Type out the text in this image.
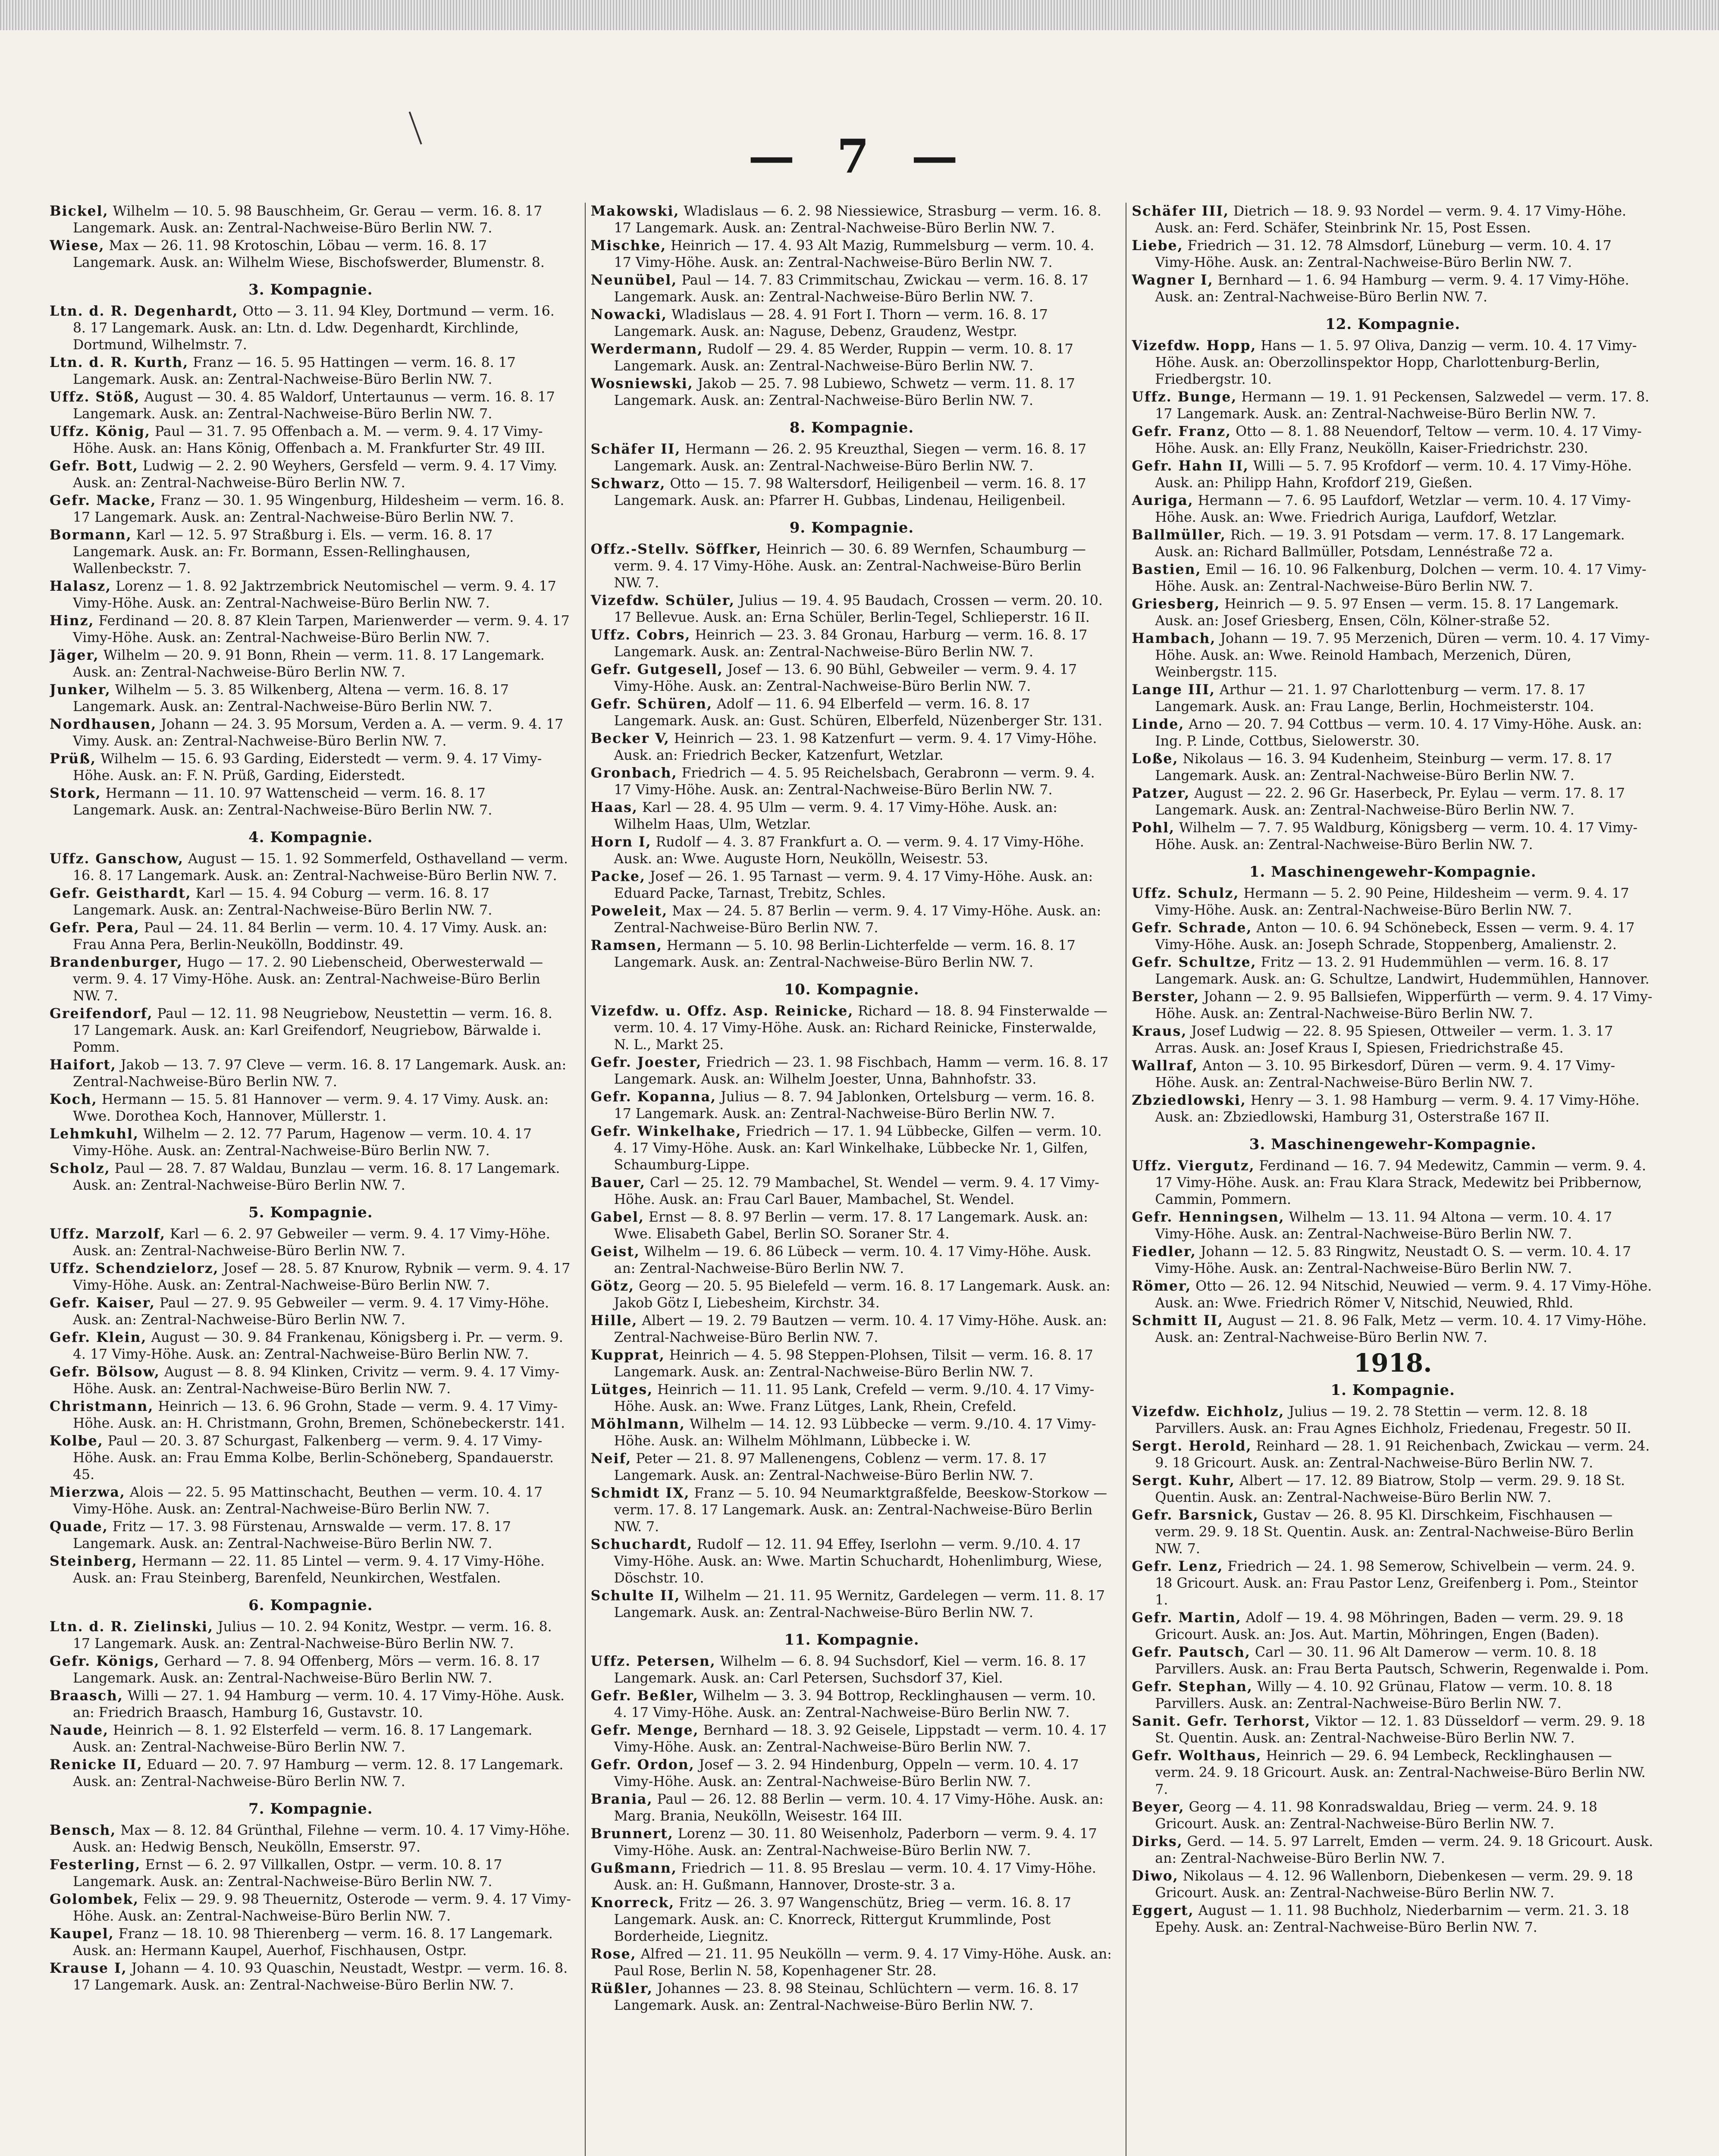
— 7 —
Bickel, Wilhelm — 10. 5. 98 Bauschheim, Gr. Gerau — verm. 16. 8. 17 Langemark. Ausk. an: Zentral-Nachweise-Büro Berlin NW. 7.
Wiese, Max — 26. 11. 98 Krotoschin, Löbau — verm. 16. 8. 17 Langemark. Ausk. an: Wilhelm Wiese, Bischofswerder, Blumenstr. 8.
3. Kompagnie.
Ltn. d. R. Degenhardt, Otto — 3. 11. 94 Kley, Dortmund — verm. 16. 8. 17 Langemark. Ausk. an: Ltn. d. Ldw. Degenhardt, Kirchlinde, Dortmund, Wilhelmstr. 7.
Ltn. d. R. Kurth, Franz — 16. 5. 95 Hattingen — verm. 16. 8. 17 Langemark. Ausk. an: Zentral-Nachweise-Büro Berlin NW. 7.
Uffz. Stöß, August — 30. 4. 85 Waldorf, Untertaunus — verm. 16. 8. 17 Langemark. Ausk. an: Zentral-Nachweise-Büro Berlin NW. 7.
Uffz. König, Paul — 31. 7. 95 Offenbach a. M. — verm. 9. 4. 17 Vimy-Höhe. Ausk. an: Hans König, Offenbach a. M. Frankfurter Str. 49 III.
Gefr. Bott, Ludwig — 2. 2. 90 Weyhers, Gersfeld — verm. 9. 4. 17 Vimy. Ausk. an: Zentral-Nachweise-Büro Berlin NW. 7.
Gefr. Macke, Franz — 30. 1. 95 Wingenburg, Hildesheim — verm. 16. 8. 17 Langemark. Ausk. an: Zentral-Nachweise-Büro Berlin NW. 7.
Bormann, Karl — 12. 5. 97 Straßburg i. Els. — verm. 16. 8. 17 Langemark. Ausk. an: Fr. Bormann, Essen-Rellinghausen, Wallenbeckstr. 7.
Halasz, Lorenz — 1. 8. 92 Jaktrzembrick Neutomischel — verm. 9. 4. 17 Vimy-Höhe. Ausk. an: Zentral-Nachweise-Büro Berlin NW. 7.
Hinz, Ferdinand — 20. 8. 87 Klein Tarpen, Marienwerder — verm. 9. 4. 17 Vimy-Höhe. Ausk. an: Zentral-Nachweise-Büro Berlin NW. 7.
Jäger, Wilhelm — 20. 9. 91 Bonn, Rhein — verm. 11. 8. 17 Langemark. Ausk. an: Zentral-Nachweise-Büro Berlin NW. 7.
Junker, Wilhelm — 5. 3. 85 Wilkenberg, Altena — verm. 16. 8. 17 Langemark. Ausk. an: Zentral-Nachweise-Büro Berlin NW. 7.
Nordhausen, Johann — 24. 3. 95 Morsum, Verden a. A. — verm. 9. 4. 17 Vimy. Ausk. an: Zentral-Nachweise-Büro Berlin NW. 7.
Prüß, Wilhelm — 15. 6. 93 Garding, Eiderstedt — verm. 9. 4. 17 Vimy-Höhe. Ausk. an: F. N. Prüß, Garding, Eiderstedt.
Stork, Hermann — 11. 10. 97 Wattenscheid — verm. 16. 8. 17 Langemark. Ausk. an: Zentral-Nachweise-Büro Berlin NW. 7.
4. Kompagnie.
Uffz. Ganschow, August — 15. 1. 92 Sommerfeld, Osthavelland — verm. 16. 8. 17 Langemark. Ausk. an: Zentral-Nachweise-Büro Berlin NW. 7.
Gefr. Geisthardt, Karl — 15. 4. 94 Coburg — verm. 16. 8. 17 Langemark. Ausk. an: Zentral-Nachweise-Büro Berlin NW. 7.
Gefr. Pera, Paul — 24. 11. 84 Berlin — verm. 10. 4. 17 Vimy. Ausk. an: Frau Anna Pera, Berlin-Neukölln, Boddinstr. 49.
Brandenburger, Hugo — 17. 2. 90 Liebenscheid, Oberwesterwald — verm. 9. 4. 17 Vimy-Höhe. Ausk. an: Zentral-Nachweise-Büro Berlin NW. 7.
Greifendorf, Paul — 12. 11. 98 Neugriebow, Neustettin — verm. 16. 8. 17 Langemark. Ausk. an: Karl Greifendorf, Neugriebow, Bärwalde i. Pomm.
Haifort, Jakob — 13. 7. 97 Cleve — verm. 16. 8. 17 Langemark. Ausk. an: Zentral-Nachweise-Büro Berlin NW. 7.
Koch, Hermann — 15. 5. 81 Hannover — verm. 9. 4. 17 Vimy. Ausk. an: Wwe. Dorothea Koch, Hannover, Müllerstr. 1.
Lehmkuhl, Wilhelm — 2. 12. 77 Parum, Hagenow — verm. 10. 4. 17 Vimy-Höhe. Ausk. an: Zentral-Nachweise-Büro Berlin NW. 7.
Scholz, Paul — 28. 7. 87 Waldau, Bunzlau — verm. 16. 8. 17 Langemark. Ausk. an: Zentral-Nachweise-Büro Berlin NW. 7.
5. Kompagnie.
Uffz. Marzolf, Karl — 6. 2. 97 Gebweiler — verm. 9. 4. 17 Vimy-Höhe. Ausk. an: Zentral-Nachweise-Büro Berlin NW. 7.
Uffz. Schendzielorz, Josef — 28. 5. 87 Knurow, Rybnik — verm. 9. 4. 17 Vimy-Höhe. Ausk. an: Zentral-Nachweise-Büro Berlin NW. 7.
Gefr. Kaiser, Paul — 27. 9. 95 Gebweiler — verm. 9. 4. 17 Vimy-Höhe. Ausk. an: Zentral-Nachweise-Büro Berlin NW. 7.
Gefr. Klein, August — 30. 9. 84 Frankenau, Königsberg i. Pr. — verm. 9. 4. 17 Vimy-Höhe. Ausk. an: Zentral-Nachweise-Büro Berlin NW. 7.
Gefr. Bölsow, August — 8. 8. 94 Klinken, Crivitz — verm. 9. 4. 17 Vimy-Höhe. Ausk. an: Zentral-Nachweise-Büro Berlin NW. 7.
Christmann, Heinrich — 13. 6. 96 Grohn, Stade — verm. 9. 4. 17 Vimy-Höhe. Ausk. an: H. Christmann, Grohn, Bremen, Schönebeckerstr. 141.
Kolbe, Paul — 20. 3. 87 Schurgast, Falkenberg — verm. 9. 4. 17 Vimy-Höhe. Ausk. an: Frau Emma Kolbe, Berlin-Schöneberg, Spandauerstr. 45.
Mierzwa, Alois — 22. 5. 95 Mattinschacht, Beuthen — verm. 10. 4. 17 Vimy-Höhe. Ausk. an: Zentral-Nachweise-Büro Berlin NW. 7.
Quade, Fritz — 17. 3. 98 Fürstenau, Arnswalde — verm. 17. 8. 17 Langemark. Ausk. an: Zentral-Nachweise-Büro Berlin NW. 7.
Steinberg, Hermann — 22. 11. 85 Lintel — verm. 9. 4. 17 Vimy-Höhe. Ausk. an: Frau Steinberg, Barenfeld, Neunkirchen, Westfalen.
6. Kompagnie.
Ltn. d. R. Zielinski, Julius — 10. 2. 94 Konitz, Westpr. — verm. 16. 8. 17 Langemark. Ausk. an: Zentral-Nachweise-Büro Berlin NW. 7.
Gefr. Königs, Gerhard — 7. 8. 94 Offenberg, Mörs — verm. 16. 8. 17 Langemark. Ausk. an: Zentral-Nachweise-Büro Berlin NW. 7.
Braasch, Willi — 27. 1. 94 Hamburg — verm. 10. 4. 17 Vimy-Höhe. Ausk. an: Friedrich Braasch, Hamburg 16, Gustavstr. 10.
Naude, Heinrich — 8. 1. 92 Elsterfeld — verm. 16. 8. 17 Langemark. Ausk. an: Zentral-Nachweise-Büro Berlin NW. 7.
Renicke II, Eduard — 20. 7. 97 Hamburg — verm. 12. 8. 17 Langemark. Ausk. an: Zentral-Nachweise-Büro Berlin NW. 7.
7. Kompagnie.
Bensch, Max — 8. 12. 84 Grünthal, Filehne — verm. 10. 4. 17 Vimy-Höhe. Ausk. an: Hedwig Bensch, Neukölln, Emserstr. 97.
Festerling, Ernst — 6. 2. 97 Villkallen, Ostpr. — verm. 10. 8. 17 Langemark. Ausk. an: Zentral-Nachweise-Büro Berlin NW. 7.
Golombek, Felix — 29. 9. 98 Theuernitz, Osterode — verm. 9. 4. 17 Vimy-Höhe. Ausk. an: Zentral-Nachweise-Büro Berlin NW. 7.
Kaupel, Franz — 18. 10. 98 Thierenberg — verm. 16. 8. 17 Langemark. Ausk. an: Hermann Kaupel, Auerhof, Fischhausen, Ostpr.
Krause I, Johann — 4. 10. 93 Quaschin, Neustadt, Westpr. — verm. 16. 8. 17 Langemark. Ausk. an: Zentral-Nachweise-Büro Berlin NW. 7.
Makowski, Wladislaus — 6. 2. 98 Niessiewice, Strasburg — verm. 16. 8. 17 Langemark. Ausk. an: Zentral-Nachweise-Büro Berlin NW. 7.
Mischke, Heinrich — 17. 4. 93 Alt Mazig, Rummelsburg — verm. 10. 4. 17 Vimy-Höhe. Ausk. an: Zentral-Nachweise-Büro Berlin NW. 7.
Neunübel, Paul — 14. 7. 83 Crimmitschau, Zwickau — verm. 16. 8. 17 Langemark. Ausk. an: Zentral-Nachweise-Büro Berlin NW. 7.
Nowacki, Wladislaus — 28. 4. 91 Fort I. Thorn — verm. 16. 8. 17 Langemark. Ausk. an: Naguse, Debenz, Graudenz, Westpr.
Werdermann, Rudolf — 29. 4. 85 Werder, Ruppin — verm. 10. 8. 17 Langemark. Ausk. an: Zentral-Nachweise-Büro Berlin NW. 7.
Wosniewski, Jakob — 25. 7. 98 Lubiewo, Schwetz — verm. 11. 8. 17 Langemark. Ausk. an: Zentral-Nachweise-Büro Berlin NW. 7.
8. Kompagnie.
Schäfer II, Hermann — 26. 2. 95 Kreuzthal, Siegen — verm. 16. 8. 17 Langemark. Ausk. an: Zentral-Nachweise-Büro Berlin NW. 7.
Schwarz, Otto — 15. 7. 98 Waltersdorf, Heiligenbeil — verm. 16. 8. 17 Langemark. Ausk. an: Pfarrer H. Gubbas, Lindenau, Heiligenbeil.
9. Kompagnie.
Offz.-Stellv. Söffker, Heinrich — 30. 6. 89 Wernfen, Schaumburg — verm. 9. 4. 17 Vimy-Höhe. Ausk. an: Zentral-Nachweise-Büro Berlin NW. 7.
Vizefdw. Schüler, Julius — 19. 4. 95 Baudach, Crossen — verm. 20. 10. 17 Bellevue. Ausk. an: Erna Schüler, Berlin-Tegel, Schlieperstr. 16 II.
Uffz. Cobrs, Heinrich — 23. 3. 84 Gronau, Harburg — verm. 16. 8. 17 Langemark. Ausk. an: Zentral-Nachweise-Büro Berlin NW. 7.
Gefr. Gutgesell, Josef — 13. 6. 90 Bühl, Gebweiler — verm. 9. 4. 17 Vimy-Höhe. Ausk. an: Zentral-Nachweise-Büro Berlin NW. 7.
Gefr. Schüren, Adolf — 11. 6. 94 Elberfeld — verm. 16. 8. 17 Langemark. Ausk. an: Gust. Schüren, Elberfeld, Nüzenberger Str. 131.
Becker V, Heinrich — 23. 1. 98 Katzenfurt — verm. 9. 4. 17 Vimy-Höhe. Ausk. an: Friedrich Becker, Katzenfurt, Wetzlar.
Gronbach, Friedrich — 4. 5. 95 Reichelsbach, Gerabronn — verm. 9. 4. 17 Vimy-Höhe. Ausk. an: Zentral-Nachweise-Büro Berlin NW. 7.
Haas, Karl — 28. 4. 95 Ulm — verm. 9. 4. 17 Vimy-Höhe. Ausk. an: Wilhelm Haas, Ulm, Wetzlar.
Horn I, Rudolf — 4. 3. 87 Frankfurt a. O. — verm. 9. 4. 17 Vimy-Höhe. Ausk. an: Wwe. Auguste Horn, Neukölln, Weisestr. 53.
Packe, Josef — 26. 1. 95 Tarnast — verm. 9. 4. 17 Vimy-Höhe. Ausk. an: Eduard Packe, Tarnast, Trebitz, Schles.
Poweleit, Max — 24. 5. 87 Berlin — verm. 9. 4. 17 Vimy-Höhe. Ausk. an: Zentral-Nachweise-Büro Berlin NW. 7.
Ramsen, Hermann — 5. 10. 98 Berlin-Lichterfelde — verm. 16. 8. 17 Langemark. Ausk. an: Zentral-Nachweise-Büro Berlin NW. 7.
10. Kompagnie.
Vizefdw. u. Offz. Asp. Reinicke, Richard — 18. 8. 94 Finsterwalde — verm. 10. 4. 17 Vimy-Höhe. Ausk. an: Richard Reinicke, Finsterwalde, N. L., Markt 25.
Gefr. Joester, Friedrich — 23. 1. 98 Fischbach, Hamm — verm. 16. 8. 17 Langemark. Ausk. an: Wilhelm Joester, Unna, Bahnhofstr. 33.
Gefr. Kopanna, Julius — 8. 7. 94 Jablonken, Ortelsburg — verm. 16. 8. 17 Langemark. Ausk. an: Zentral-Nachweise-Büro Berlin NW. 7.
Gefr. Winkelhake, Friedrich — 17. 1. 94 Lübbecke, Gilfen — verm. 10. 4. 17 Vimy-Höhe. Ausk. an: Karl Winkelhake, Lübbecke Nr. 1, Gilfen, Schaumburg-Lippe.
Bauer, Carl — 25. 12. 79 Mambachel, St. Wendel — verm. 9. 4. 17 Vimy-Höhe. Ausk. an: Frau Carl Bauer, Mambachel, St. Wendel.
Gabel, Ernst — 8. 8. 97 Berlin — verm. 17. 8. 17 Langemark. Ausk. an: Wwe. Elisabeth Gabel, Berlin SO. Soraner Str. 4.
Geist, Wilhelm — 19. 6. 86 Lübeck — verm. 10. 4. 17 Vimy-Höhe. Ausk. an: Zentral-Nachweise-Büro Berlin NW. 7.
Götz, Georg — 20. 5. 95 Bielefeld — verm. 16. 8. 17 Langemark. Ausk. an: Jakob Götz I, Liebesheim, Kirchstr. 34.
Hille, Albert — 19. 2. 79 Bautzen — verm. 10. 4. 17 Vimy-Höhe. Ausk. an: Zentral-Nachweise-Büro Berlin NW. 7.
Kupprat, Heinrich — 4. 5. 98 Steppen-Plohsen, Tilsit — verm. 16. 8. 17 Langemark. Ausk. an: Zentral-Nachweise-Büro Berlin NW. 7.
Lütges, Heinrich — 11. 11. 95 Lank, Crefeld — verm. 9./10. 4. 17 Vimy-Höhe. Ausk. an: Wwe. Franz Lütges, Lank, Rhein, Crefeld.
Möhlmann, Wilhelm — 14. 12. 93 Lübbecke — verm. 9./10. 4. 17 Vimy-Höhe. Ausk. an: Wilhelm Möhlmann, Lübbecke i. W.
Neif, Peter — 21. 8. 97 Mallenengens, Coblenz — verm. 17. 8. 17 Langemark. Ausk. an: Zentral-Nachweise-Büro Berlin NW. 7.
Schmidt IX, Franz — 5. 10. 94 Neumarktgraßfelde, Beeskow-Storkow — verm. 17. 8. 17 Langemark. Ausk. an: Zentral-Nachweise-Büro Berlin NW. 7.
Schuchardt, Rudolf — 12. 11. 94 Effey, Iserlohn — verm. 9./10. 4. 17 Vimy-Höhe. Ausk. an: Wwe. Martin Schuchardt, Hohenlimburg, Wiese, Döschstr. 10.
Schulte II, Wilhelm — 21. 11. 95 Wernitz, Gardelegen — verm. 11. 8. 17 Langemark. Ausk. an: Zentral-Nachweise-Büro Berlin NW. 7.
11. Kompagnie.
Uffz. Petersen, Wilhelm — 6. 8. 94 Suchsdorf, Kiel — verm. 16. 8. 17 Langemark. Ausk. an: Carl Petersen, Suchsdorf 37, Kiel.
Gefr. Beßler, Wilhelm — 3. 3. 94 Bottrop, Recklinghausen — verm. 10. 4. 17 Vimy-Höhe. Ausk. an: Zentral-Nachweise-Büro Berlin NW. 7.
Gefr. Menge, Bernhard — 18. 3. 92 Geisele, Lippstadt — verm. 10. 4. 17 Vimy-Höhe. Ausk. an: Zentral-Nachweise-Büro Berlin NW. 7.
Gefr. Ordon, Josef — 3. 2. 94 Hindenburg, Oppeln — verm. 10. 4. 17 Vimy-Höhe. Ausk. an: Zentral-Nachweise-Büro Berlin NW. 7.
Brania, Paul — 26. 12. 88 Berlin — verm. 10. 4. 17 Vimy-Höhe. Ausk. an: Marg. Brania, Neukölln, Weisestr. 164 III.
Brunnert, Lorenz — 30. 11. 80 Weisenholz, Paderborn — verm. 9. 4. 17 Vimy-Höhe. Ausk. an: Zentral-Nachweise-Büro Berlin NW. 7.
Gußmann, Friedrich — 11. 8. 95 Breslau — verm. 10. 4. 17 Vimy-Höhe. Ausk. an: H. Gußmann, Hannover, Droste-str. 3 a.
Knorreck, Fritz — 26. 3. 97 Wangenschütz, Brieg — verm. 16. 8. 17 Langemark. Ausk. an: C. Knorreck, Rittergut Krummlinde, Post Borderheide, Liegnitz.
Rose, Alfred — 21. 11. 95 Neukölln — verm. 9. 4. 17 Vimy-Höhe. Ausk. an: Paul Rose, Berlin N. 58, Kopenhagener Str. 28.
Rüßler, Johannes — 23. 8. 98 Steinau, Schlüchtern — verm. 16. 8. 17 Langemark. Ausk. an: Zentral-Nachweise-Büro Berlin NW. 7.
Schäfer III, Dietrich — 18. 9. 93 Nordel — verm. 9. 4. 17 Vimy-Höhe. Ausk. an: Ferd. Schäfer, Steinbrink Nr. 15, Post Essen.
Liebe, Friedrich — 31. 12. 78 Almsdorf, Lüneburg — verm. 10. 4. 17 Vimy-Höhe. Ausk. an: Zentral-Nachweise-Büro Berlin NW. 7.
Wagner I, Bernhard — 1. 6. 94 Hamburg — verm. 9. 4. 17 Vimy-Höhe. Ausk. an: Zentral-Nachweise-Büro Berlin NW. 7.
12. Kompagnie.
Vizefdw. Hopp, Hans — 1. 5. 97 Oliva, Danzig — verm. 10. 4. 17 Vimy-Höhe. Ausk. an: Oberzollinspektor Hopp, Charlottenburg-Berlin, Friedbergstr. 10.
Uffz. Bunge, Hermann — 19. 1. 91 Peckensen, Salzwedel — verm. 17. 8. 17 Langemark. Ausk. an: Zentral-Nachweise-Büro Berlin NW. 7.
Gefr. Franz, Otto — 8. 1. 88 Neuendorf, Teltow — verm. 10. 4. 17 Vimy-Höhe. Ausk. an: Elly Franz, Neukölln, Kaiser-Friedrichstr. 230.
Gefr. Hahn II, Willi — 5. 7. 95 Krofdorf — verm. 10. 4. 17 Vimy-Höhe. Ausk. an: Philipp Hahn, Krofdorf 219, Gießen.
Auriga, Hermann — 7. 6. 95 Laufdorf, Wetzlar — verm. 10. 4. 17 Vimy-Höhe. Ausk. an: Wwe. Friedrich Auriga, Laufdorf, Wetzlar.
Ballmüller, Rich. — 19. 3. 91 Potsdam — verm. 17. 8. 17 Langemark. Ausk. an: Richard Ballmüller, Potsdam, Lennéstraße 72 a.
Bastien, Emil — 16. 10. 96 Falkenburg, Dolchen — verm. 10. 4. 17 Vimy-Höhe. Ausk. an: Zentral-Nachweise-Büro Berlin NW. 7.
Griesberg, Heinrich — 9. 5. 97 Ensen — verm. 15. 8. 17 Langemark. Ausk. an: Josef Griesberg, Ensen, Cöln, Kölner-straße 52.
Hambach, Johann — 19. 7. 95 Merzenich, Düren — verm. 10. 4. 17 Vimy-Höhe. Ausk. an: Wwe. Reinold Hambach, Merzenich, Düren, Weinbergstr. 115.
Lange III, Arthur — 21. 1. 97 Charlottenburg — verm. 17. 8. 17 Langemark. Ausk. an: Frau Lange, Berlin, Hochmeisterstr. 104.
Linde, Arno — 20. 7. 94 Cottbus — verm. 10. 4. 17 Vimy-Höhe. Ausk. an: Ing. P. Linde, Cottbus, Sielowerstr. 30.
Loße, Nikolaus — 16. 3. 94 Kudenheim, Steinburg — verm. 17. 8. 17 Langemark. Ausk. an: Zentral-Nachweise-Büro Berlin NW. 7.
Patzer, August — 22. 2. 96 Gr. Haserbeck, Pr. Eylau — verm. 17. 8. 17 Langemark. Ausk. an: Zentral-Nachweise-Büro Berlin NW. 7.
Pohl, Wilhelm — 7. 7. 95 Waldburg, Königsberg — verm. 10. 4. 17 Vimy-Höhe. Ausk. an: Zentral-Nachweise-Büro Berlin NW. 7.
1. Maschinengewehr-Kompagnie.
Uffz. Schulz, Hermann — 5. 2. 90 Peine, Hildesheim — verm. 9. 4. 17 Vimy-Höhe. Ausk. an: Zentral-Nachweise-Büro Berlin NW. 7.
Gefr. Schrade, Anton — 10. 6. 94 Schönebeck, Essen — verm. 9. 4. 17 Vimy-Höhe. Ausk. an: Joseph Schrade, Stoppenberg, Amalienstr. 2.
Gefr. Schultze, Fritz — 13. 2. 91 Hudemmühlen — verm. 16. 8. 17 Langemark. Ausk. an: G. Schultze, Landwirt, Hudemmühlen, Hannover.
Berster, Johann — 2. 9. 95 Ballsiefen, Wipperfürth — verm. 9. 4. 17 Vimy-Höhe. Ausk. an: Zentral-Nachweise-Büro Berlin NW. 7.
Kraus, Josef Ludwig — 22. 8. 95 Spiesen, Ottweiler — verm. 1. 3. 17 Arras. Ausk. an: Josef Kraus I, Spiesen, Friedrichstraße 45.
Wallraf, Anton — 3. 10. 95 Birkesdorf, Düren — verm. 9. 4. 17 Vimy-Höhe. Ausk. an: Zentral-Nachweise-Büro Berlin NW. 7.
Zbziedlowski, Henry — 3. 1. 98 Hamburg — verm. 9. 4. 17 Vimy-Höhe. Ausk. an: Zbziedlowski, Hamburg 31, Osterstraße 167 II.
3. Maschinengewehr-Kompagnie.
Uffz. Viergutz, Ferdinand — 16. 7. 94 Medewitz, Cammin — verm. 9. 4. 17 Vimy-Höhe. Ausk. an: Frau Klara Strack, Medewitz bei Pribbernow, Cammin, Pommern.
Gefr. Henningsen, Wilhelm — 13. 11. 94 Altona — verm. 10. 4. 17 Vimy-Höhe. Ausk. an: Zentral-Nachweise-Büro Berlin NW. 7.
Fiedler, Johann — 12. 5. 83 Ringwitz, Neustadt O. S. — verm. 10. 4. 17 Vimy-Höhe. Ausk. an: Zentral-Nachweise-Büro Berlin NW. 7.
Römer, Otto — 26. 12. 94 Nitschid, Neuwied — verm. 9. 4. 17 Vimy-Höhe. Ausk. an: Wwe. Friedrich Römer V, Nitschid, Neuwied, Rhld.
Schmitt II, August — 21. 8. 96 Falk, Metz — verm. 10. 4. 17 Vimy-Höhe. Ausk. an: Zentral-Nachweise-Büro Berlin NW. 7.
1918.
1. Kompagnie.
Vizefdw. Eichholz, Julius — 19. 2. 78 Stettin — verm. 12. 8. 18 Parvillers. Ausk. an: Frau Agnes Eichholz, Friedenau, Fregestr. 50 II.
Sergt. Herold, Reinhard — 28. 1. 91 Reichenbach, Zwickau — verm. 24. 9. 18 Gricourt. Ausk. an: Zentral-Nachweise-Büro Berlin NW. 7.
Sergt. Kuhr, Albert — 17. 12. 89 Biatrow, Stolp — verm. 29. 9. 18 St. Quentin. Ausk. an: Zentral-Nachweise-Büro Berlin NW. 7.
Gefr. Barsnick, Gustav — 26. 8. 95 Kl. Dirschkeim, Fischhausen — verm. 29. 9. 18 St. Quentin. Ausk. an: Zentral-Nachweise-Büro Berlin NW. 7.
Gefr. Lenz, Friedrich — 24. 1. 98 Semerow, Schivelbein — verm. 24. 9. 18 Gricourt. Ausk. an: Frau Pastor Lenz, Greifenberg i. Pom., Steintor 1.
Gefr. Martin, Adolf — 19. 4. 98 Möhringen, Baden — verm. 29. 9. 18 Gricourt. Ausk. an: Jos. Aut. Martin, Möhringen, Engen (Baden).
Gefr. Pautsch, Carl — 30. 11. 96 Alt Damerow — verm. 10. 8. 18 Parvillers. Ausk. an: Frau Berta Pautsch, Schwerin, Regenwalde i. Pom.
Gefr. Stephan, Willy — 4. 10. 92 Grünau, Flatow — verm. 10. 8. 18 Parvillers. Ausk. an: Zentral-Nachweise-Büro Berlin NW. 7.
Sanit. Gefr. Terhorst, Viktor — 12. 1. 83 Düsseldorf — verm. 29. 9. 18 St. Quentin. Ausk. an: Zentral-Nachweise-Büro Berlin NW. 7.
Gefr. Wolthaus, Heinrich — 29. 6. 94 Lembeck, Recklinghausen — verm. 24. 9. 18 Gricourt. Ausk. an: Zentral-Nachweise-Büro Berlin NW. 7.
Beyer, Georg — 4. 11. 98 Konradswaldau, Brieg — verm. 24. 9. 18 Gricourt. Ausk. an: Zentral-Nachweise-Büro Berlin NW. 7.
Dirks, Gerd. — 14. 5. 97 Larrelt, Emden — verm. 24. 9. 18 Gricourt. Ausk. an: Zentral-Nachweise-Büro Berlin NW. 7.
Diwo, Nikolaus — 4. 12. 96 Wallenborn, Diebenkesen — verm. 29. 9. 18 Gricourt. Ausk. an: Zentral-Nachweise-Büro Berlin NW. 7.
Eggert, August — 1. 11. 98 Buchholz, Niederbarnim — verm. 21. 3. 18 Epehy. Ausk. an: Zentral-Nachweise-Büro Berlin NW. 7.
